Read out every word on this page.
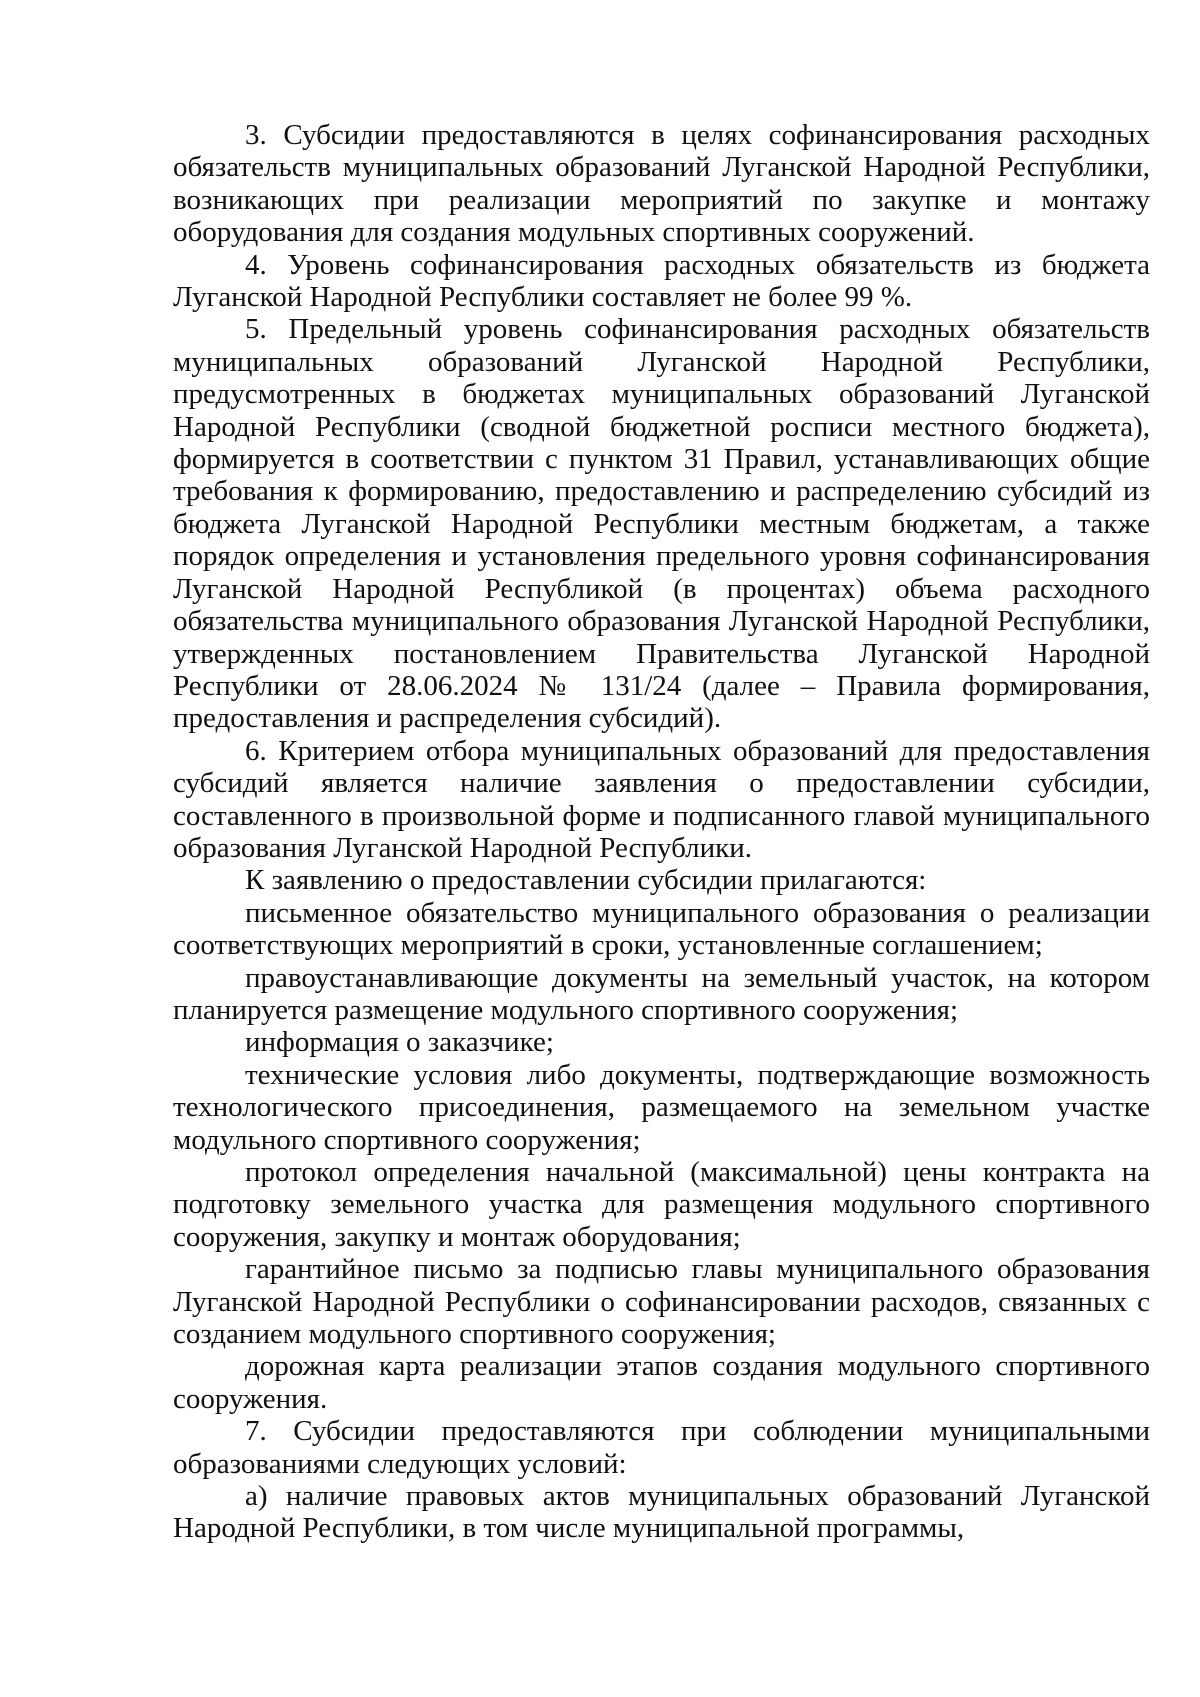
3. Субсидии предоставляются в целях софинансирования расходных обязательств муниципальных образований Луганской Народной Республики, возникающих при реализации мероприятий по закупке и монтажу оборудования для создания модульных спортивных сооружений.

4. Уровень софинансирования расходных обязательств из бюджета Луганской Народной Республики составляет не более 99 %.

5. Предельный уровень софинансирования расходных обязательств муниципальных образований Луганской Народной Республики, предусмотренных в бюджетах муниципальных образований Луганской Народной Республики (сводной бюджетной росписи местного бюджета), формируется в соответствии с пунктом 31 Правил, устанавливающих общие требования к формированию, предоставлению и распределению субсидий из бюджета Луганской Народной Республики местным бюджетам, а также порядок определения и установления предельного уровня софинансирования Луганской Народной Республикой (в процентах) объема расходного обязательства муниципального образования Луганской Народной Республики, утвержденных постановлением Правительства Луганской Народной Республики от 28.06.2024 № 131/24 (далее – Правила формирования, предоставления и распределения субсидий).

6. Критерием отбора муниципальных образований для предоставления субсидий является наличие заявления о предоставлении субсидии, составленного в произвольной форме и подписанного главой муниципального образования Луганской Народной Республики.

К заявлению о предоставлении субсидии прилагаются:

письменное обязательство муниципального образования о реализации соответствующих мероприятий в сроки, установленные соглашением;

правоустанавливающие документы на земельный участок, на котором планируется размещение модульного спортивного сооружения;

информация о заказчике;

технические условия либо документы, подтверждающие возможность технологического присоединения, размещаемого на земельном участке модульного спортивного сооружения;

протокол определения начальной (максимальной) цены контракта на подготовку земельного участка для размещения модульного спортивного сооружения, закупку и монтаж оборудования;

гарантийное письмо за подписью главы муниципального образования Луганской Народной Республики о софинансировании расходов, связанных с созданием модульного спортивного сооружения;

дорожная карта реализации этапов создания модульного спортивного сооружения.

7. Субсидии предоставляются при соблюдении муниципальными образованиями следующих условий:

а) наличие правовых актов муниципальных образований Луганской Народной Республики, в том числе муниципальной программы,
